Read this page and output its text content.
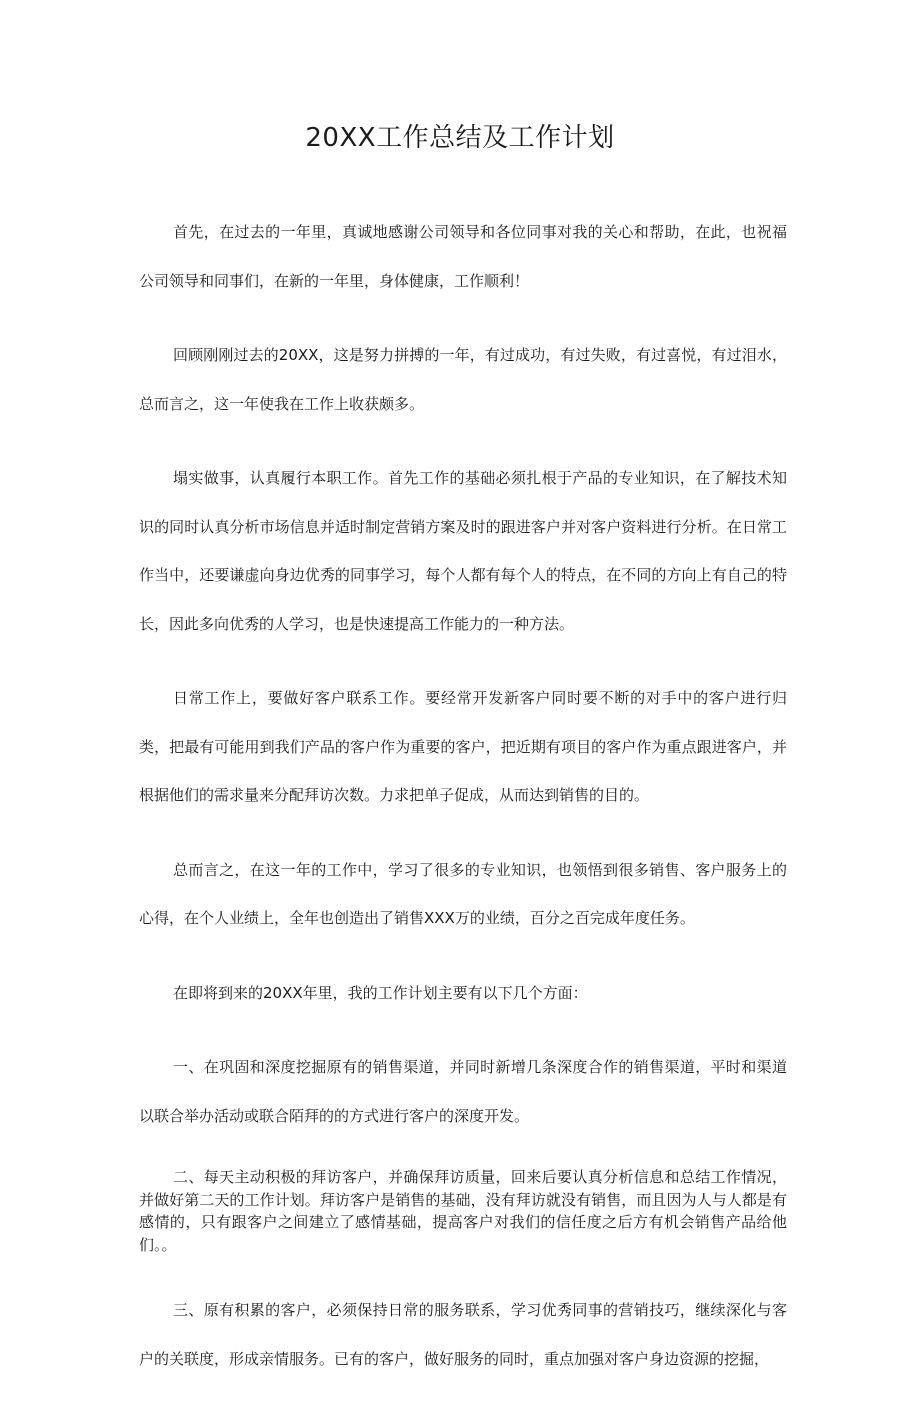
20XX工作总结及工作计划

首先，在过去的一年里，真诚地感谢公司领导和各位同事对我的关心和帮助，在此，也祝福公司领导和同事们，在新的一年里，身体健康，工作顺利！

回顾刚刚过去的20XX，这是努力拼搏的一年，有过成功，有过失败，有过喜悦，有过泪水，总而言之，这一年使我在工作上收获颇多。

塌实做事，认真履行本职工作。首先工作的基础必须扎根于产品的专业知识，在了解技术知识的同时认真分析市场信息并适时制定营销方案及时的跟进客户并对客户资料进行分析。在日常工作当中，还要谦虚向身边优秀的同事学习，每个人都有每个人的特点，在不同的方向上有自己的特长，因此多向优秀的人学习，也是快速提高工作能力的一种方法。

日常工作上，要做好客户联系工作。要经常开发新客户同时要不断的对手中的客户进行归类，把最有可能用到我们产品的客户作为重要的客户，把近期有项目的客户作为重点跟进客户，并根据他们的需求量来分配拜访次数。力求把单子促成，从而达到销售的目的。

总而言之，在这一年的工作中，学习了很多的专业知识，也领悟到很多销售、客户服务上的心得，在个人业绩上，全年也创造出了销售XXX万的业绩，百分之百完成年度任务。

在即将到来的20XX年里，我的工作计划主要有以下几个方面：

一、在巩固和深度挖掘原有的销售渠道，并同时新增几条深度合作的销售渠道，平时和渠道以联合举办活动或联合陌拜的的方式进行客户的深度开发。

二、每天主动积极的拜访客户，并确保拜访质量，回来后要认真分析信息和总结工作情况，并做好第二天的工作计划。拜访客户是销售的基础，没有拜访就没有销售，而且因为人与人都是有感情的，只有跟客户之间建立了感情基础，提高客户对我们的信任度之后方有机会销售产品给他们。。

三、原有积累的客户，必须保持日常的服务联系，学习优秀同事的营销技巧，继续深化与客户的关联度，形成亲情服务。已有的客户，做好服务的同时，重点加强对客户身边资源的挖掘，
